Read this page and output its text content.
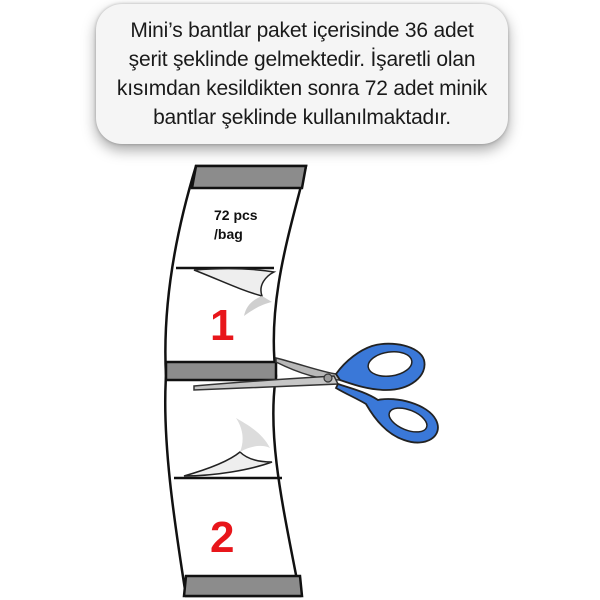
Mini’s bantlar paket içerisinde 36 adet
şerit şeklinde gelmektedir. İşaretli olan
kısımdan kesildikten sonra 72 adet minik
bantlar şeklinde kullanılmaktadır.

72 pcs
/bag
1
2
